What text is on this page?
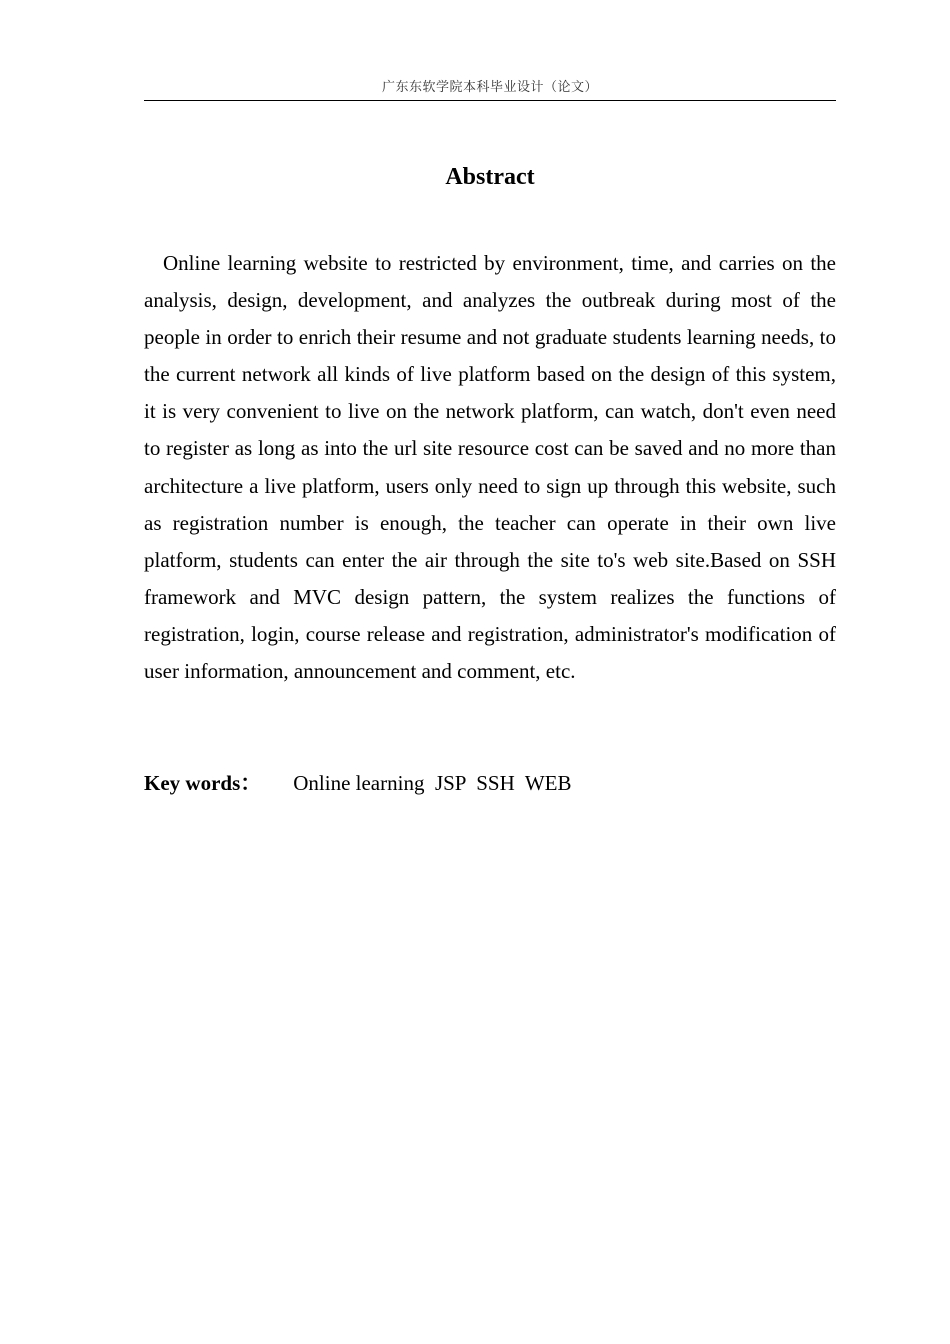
广东东软学院本科毕业设计（论文）
Abstract

Online learning website to restricted by environment, time, and carries on the analysis, design, development, and analyzes the outbreak during most of the people in order to enrich their resume and not graduate students learning needs, to the current network all kinds of live platform based on the design of this system, it is very convenient to live on the network platform, can watch, don't even need to register as long as into the url site resource cost can be saved and no more than architecture a live platform, users only need to sign up through this website, such as registration number is enough, the teacher can operate in their own live platform, students can enter the air through the site to's web site.Based on SSH framework and MVC design pattern, the system realizes the functions of registration, login, course release and registration, administrator's modification of user information, announcement and comment, etc.

Key words： Online learning  JSP  SSH  WEB
